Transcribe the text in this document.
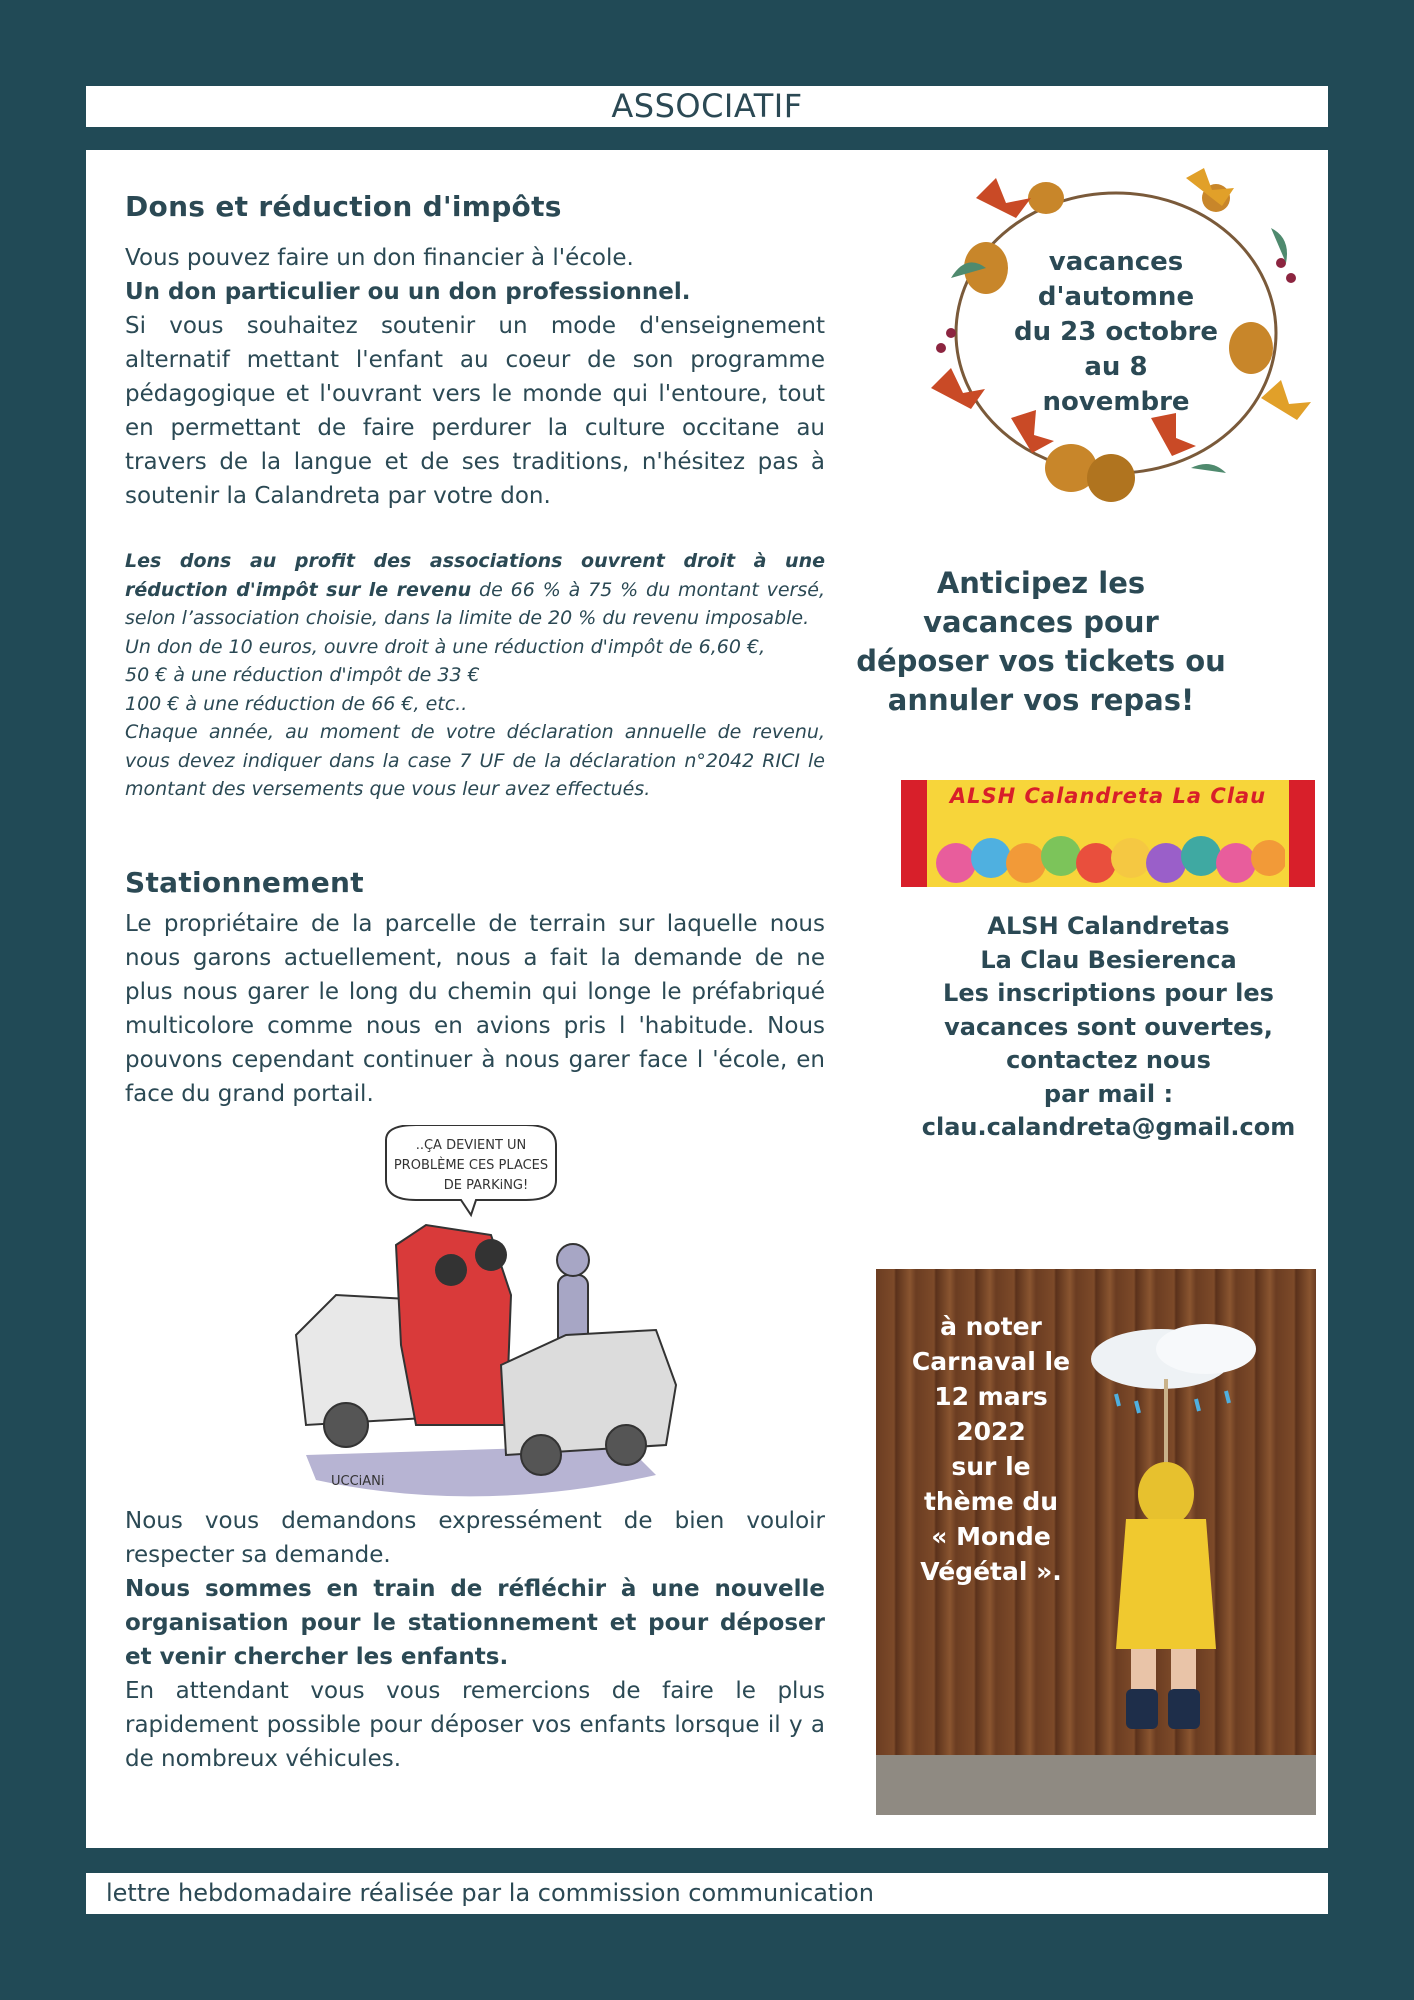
ASSOCIATIF
Dons et réduction d'impôts

Vous pouvez faire un don financier à l'école.
Un don particulier ou un don professionnel.
Si vous souhaitez soutenir un mode d'enseignement alternatif mettant l'enfant au coeur de son programme pédagogique et l'ouvrant vers le monde qui l'entoure, tout en permettant de faire perdurer la culture occitane au travers de la langue et de ses traditions, n'hésitez pas à soutenir la Calandreta par votre don.

Les dons au profit des associations ouvrent droit à une réduction d'impôt sur le revenu de 66 % à 75 % du montant versé, selon l’association choisie, dans la limite de 20 % du revenu imposable.
Un don de 10 euros, ouvre droit à une réduction d'impôt de 6,60 €,
50 € à une réduction d'impôt de 33 €
100 € à une réduction de 66 €, etc..
Chaque année, au moment de votre déclaration annuelle de revenu, vous devez indiquer dans la case 7 UF de la déclaration n°2042 RICI le montant des versements que vous leur avez effectués.

Stationnement

Le propriétaire de la parcelle de terrain sur laquelle nous nous garons actuellement, nous a fait la demande de ne plus nous garer le long du chemin qui longe le préfabriqué multicolore comme nous en avions pris l 'habitude. Nous pouvons cependant continuer à nous garer face l 'école, en face du grand portail.

..ÇA DEVIENT UN
PROBLÈME CES PLACES
DE PARKiNG!
UCCiANi

Nous vous demandons expressément de bien vouloir respecter sa demande.
Nous sommes en train de réfléchir à une nouvelle organisation pour le stationnement et pour déposer et venir chercher les enfants.
En attendant vous vous remercions de faire le plus rapidement possible pour déposer vos enfants lorsque il y a de nombreux véhicules.

vacances
d'automne
du 23 octobre
au 8 novembre
Anticipez les
vacances pour
déposer vos tickets ou
annuler vos repas!
ALSH Calandreta La Clau
ALSH Calandretas
La Clau Besierenca
Les inscriptions pour les
vacances sont ouvertes,
contactez nous
par mail :
clau.calandreta@gmail.com
à noter
Carnaval le
12 mars
2022
sur le
thème du
« Monde
Végétal ».
lettre hebdomadaire réalisée par la commission communication
